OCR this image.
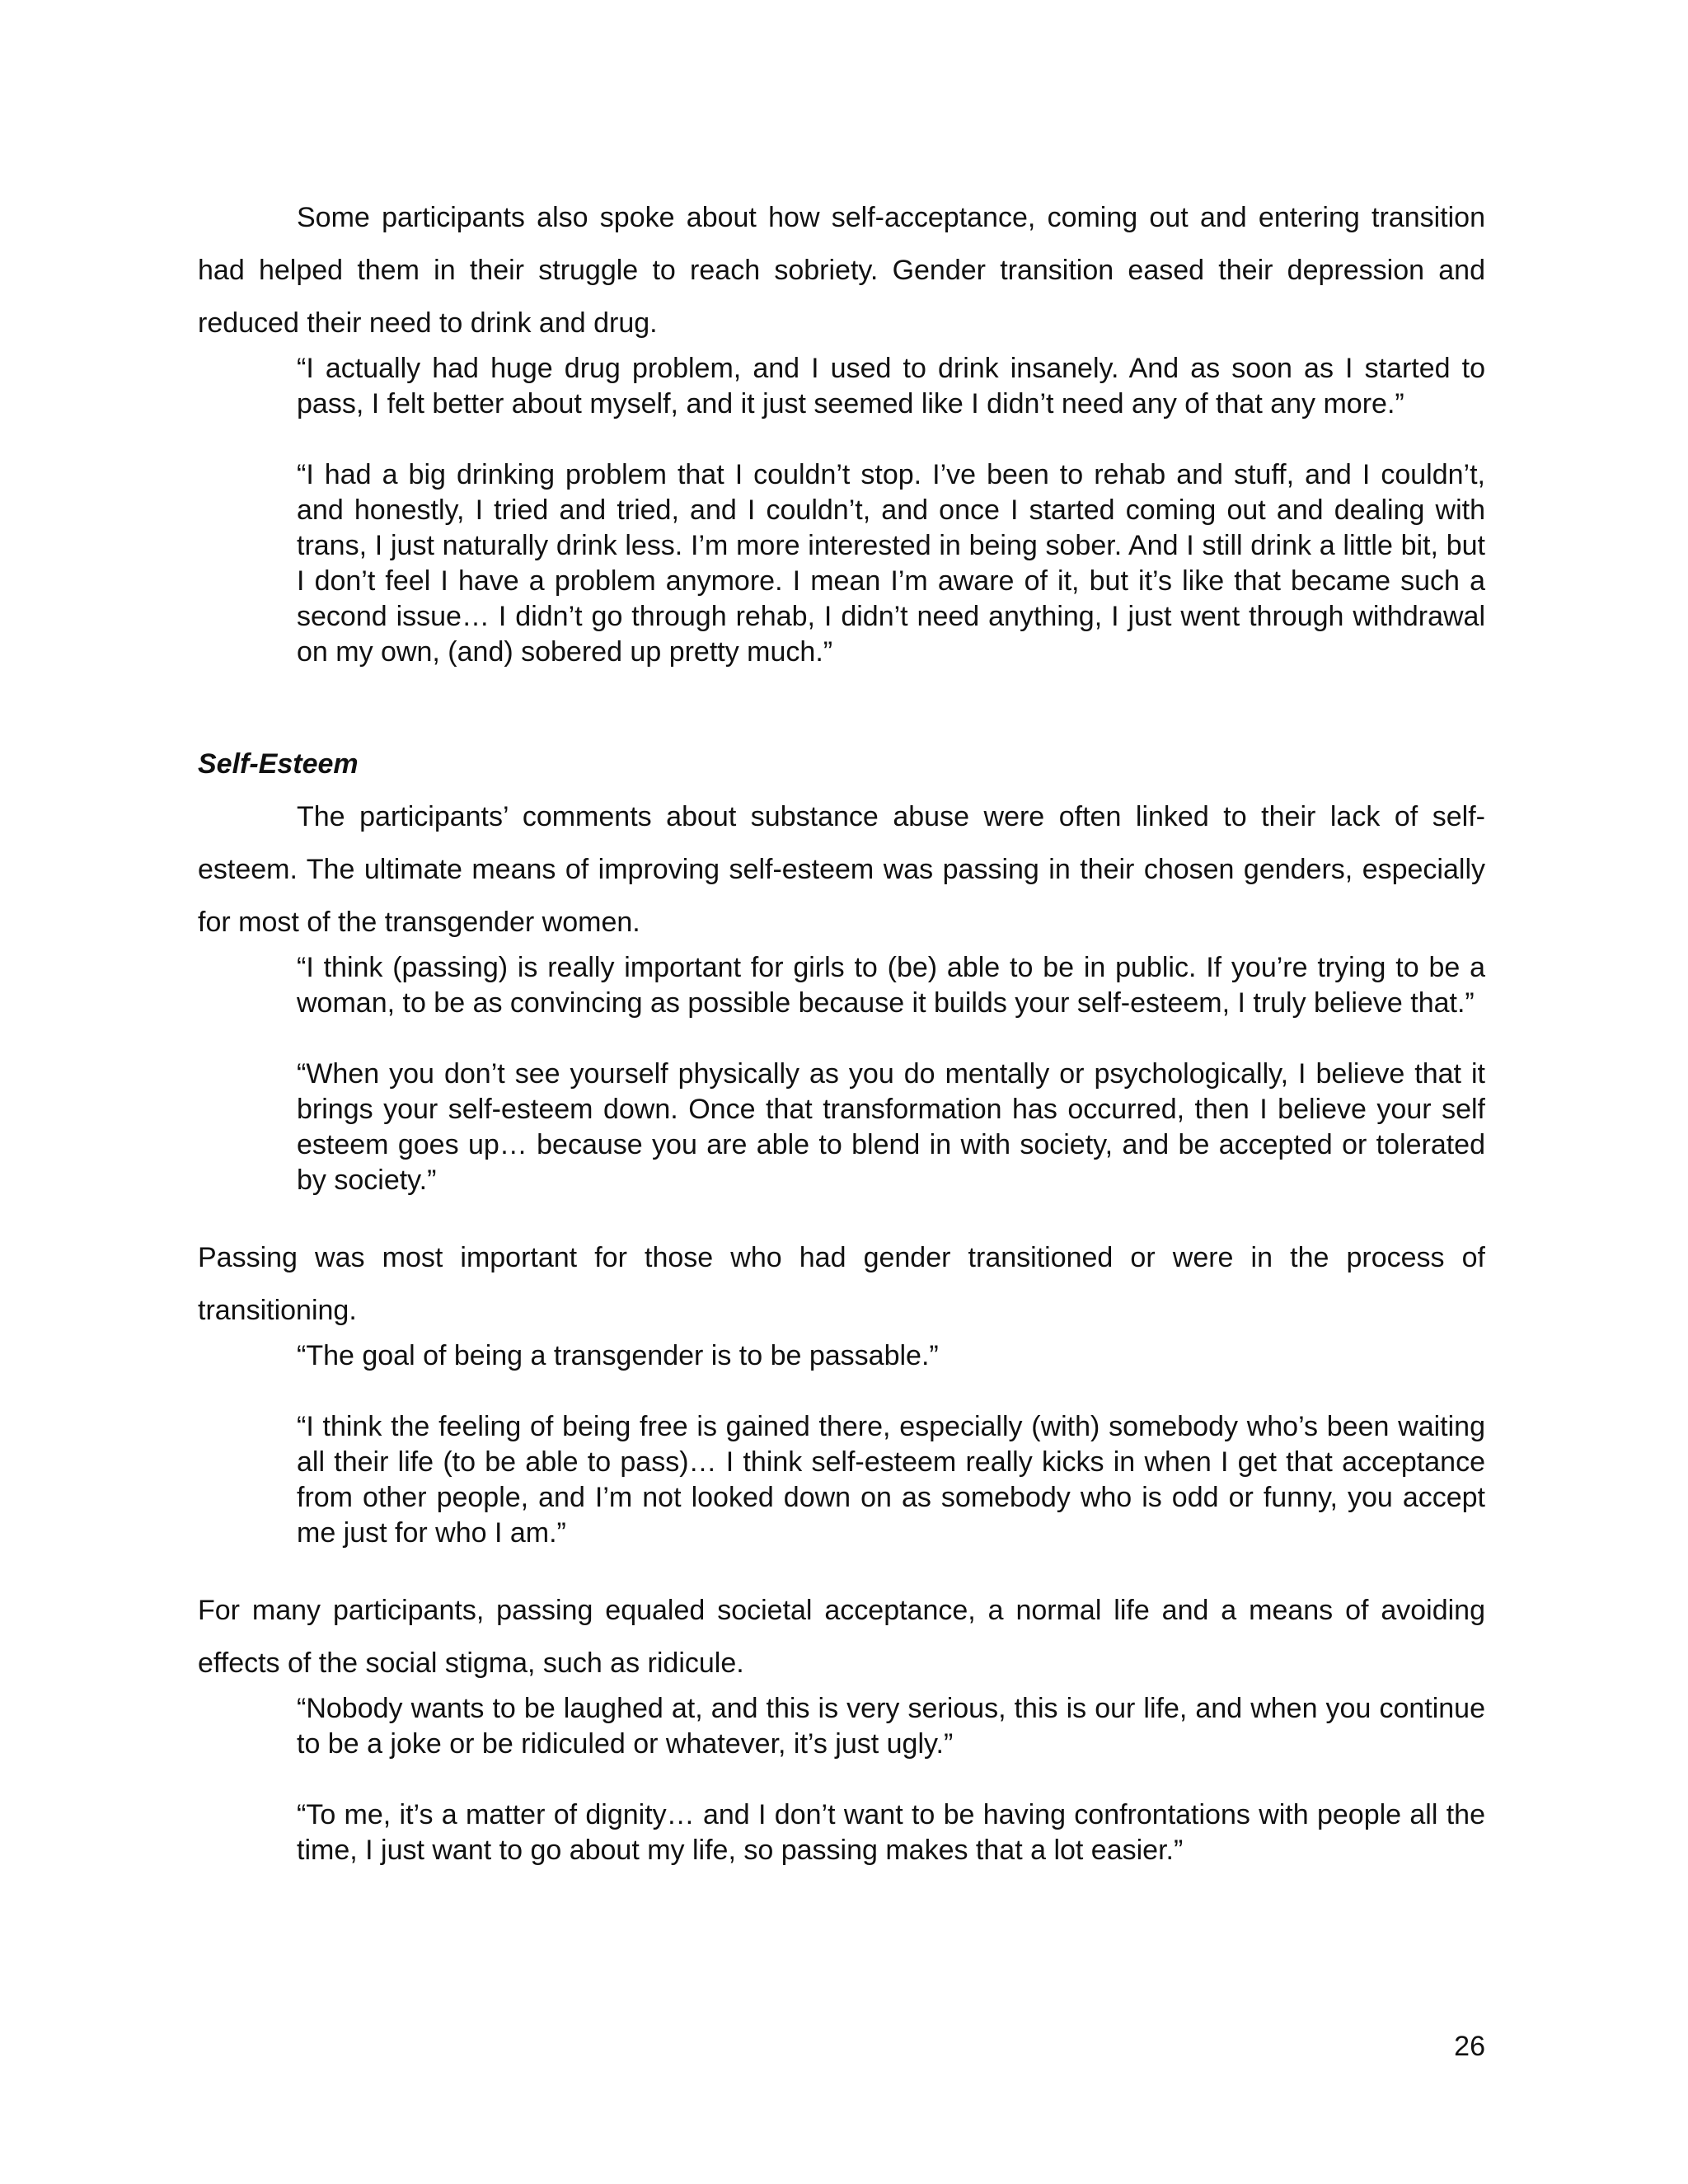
Some participants also spoke about how self-acceptance, coming out and entering transition had helped them in their struggle to reach sobriety. Gender transition eased their depression and reduced their need to drink and drug.

“I actually had huge drug problem, and I used to drink insanely. And as soon as I started to pass, I felt better about myself, and it just seemed like I didn’t need any of that any more.”

“I had a big drinking problem that I couldn’t stop. I’ve been to rehab and stuff, and I couldn’t, and honestly, I tried and tried, and I couldn’t, and once I started coming out and dealing with trans, I just naturally drink less. I’m more interested in being sober. And I still drink a little bit, but I don’t feel I have a problem anymore. I mean I’m aware of it, but it’s like that became such a second issue… I didn’t go through rehab, I didn’t need anything, I just went through withdrawal on my own, (and) sobered up pretty much.”

Self-Esteem

The participants’ comments about substance abuse were often linked to their lack of self-esteem. The ultimate means of improving self-esteem was passing in their chosen genders, especially for most of the transgender women.

“I think (passing) is really important for girls to (be) able to be in public. If you’re trying to be a woman, to be as convincing as possible because it builds your self-esteem, I truly believe that.”

“When you don’t see yourself physically as you do mentally or psychologically, I believe that it brings your self-esteem down. Once that transformation has occurred, then I believe your self esteem goes up… because you are able to blend in with society, and be accepted or tolerated by society.”

Passing was most important for those who had gender transitioned or were in the process of transitioning.

“The goal of being a transgender is to be passable.”

“I think the feeling of being free is gained there, especially (with) somebody who’s been waiting all their life (to be able to pass)… I think self-esteem really kicks in when I get that acceptance from other people, and I’m not looked down on as somebody who is odd or funny, you accept me just for who I am.”

For many participants, passing equaled societal acceptance, a normal life and a means of avoiding effects of the social stigma, such as ridicule.

“Nobody wants to be laughed at, and this is very serious, this is our life, and when you continue to be a joke or be ridiculed or whatever, it’s just ugly.”

“To me, it’s a matter of dignity… and I don’t want to be having confrontations with people all the time, I just want to go about my life, so passing makes that a lot easier.”

26
